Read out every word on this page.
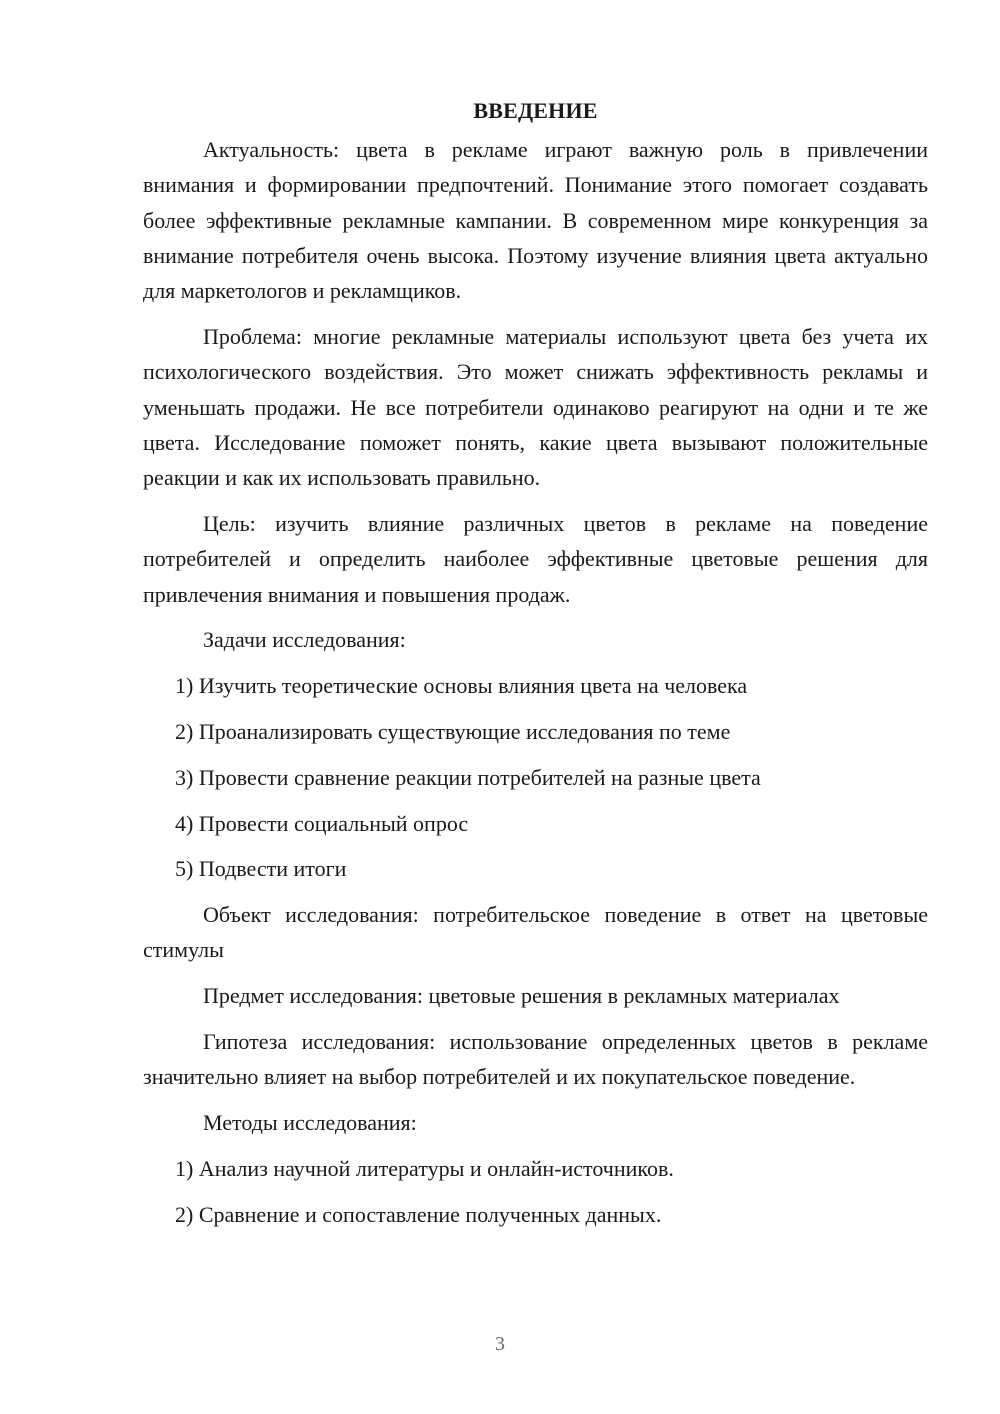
ВВЕДЕНИЕ

Актуальность: цвета в рекламе играют важную роль в привлечении внимания и формировании предпочтений. Понимание этого помогает создавать более эффективные рекламные кампании. В современном мире конкуренция за внимание потребителя очень высока. Поэтому изучение влияния цвета актуально для маркетологов и рекламщиков.

Проблема: многие рекламные материалы используют цвета без учета их психологического воздействия. Это может снижать эффективность рекламы и уменьшать продажи. Не все потребители одинаково реагируют на одни и те же цвета. Исследование поможет понять, какие цвета вызывают положительные реакции и как их использовать правильно.

Цель: изучить влияние различных цветов в рекламе на поведение потребителей и определить наиболее эффективные цветовые решения для привлечения внимания и повышения продаж.

Задачи исследования:

1) Изучить теоретические основы влияния цвета на человека
2) Проанализировать существующие исследования по теме
3) Провести сравнение реакции потребителей на разные цвета
4) Провести социальный опрос
5) Подвести итоги

Объект исследования: потребительское поведение в ответ на цветовые стимулы

Предмет исследования: цветовые решения в рекламных материалах

Гипотеза исследования: использование определенных цветов в рекламе значительно влияет на выбор потребителей и их покупательское поведение.

Методы исследования:

1) Анализ научной литературы и онлайн-источников.
2) Сравнение и сопоставление полученных данных.
3
